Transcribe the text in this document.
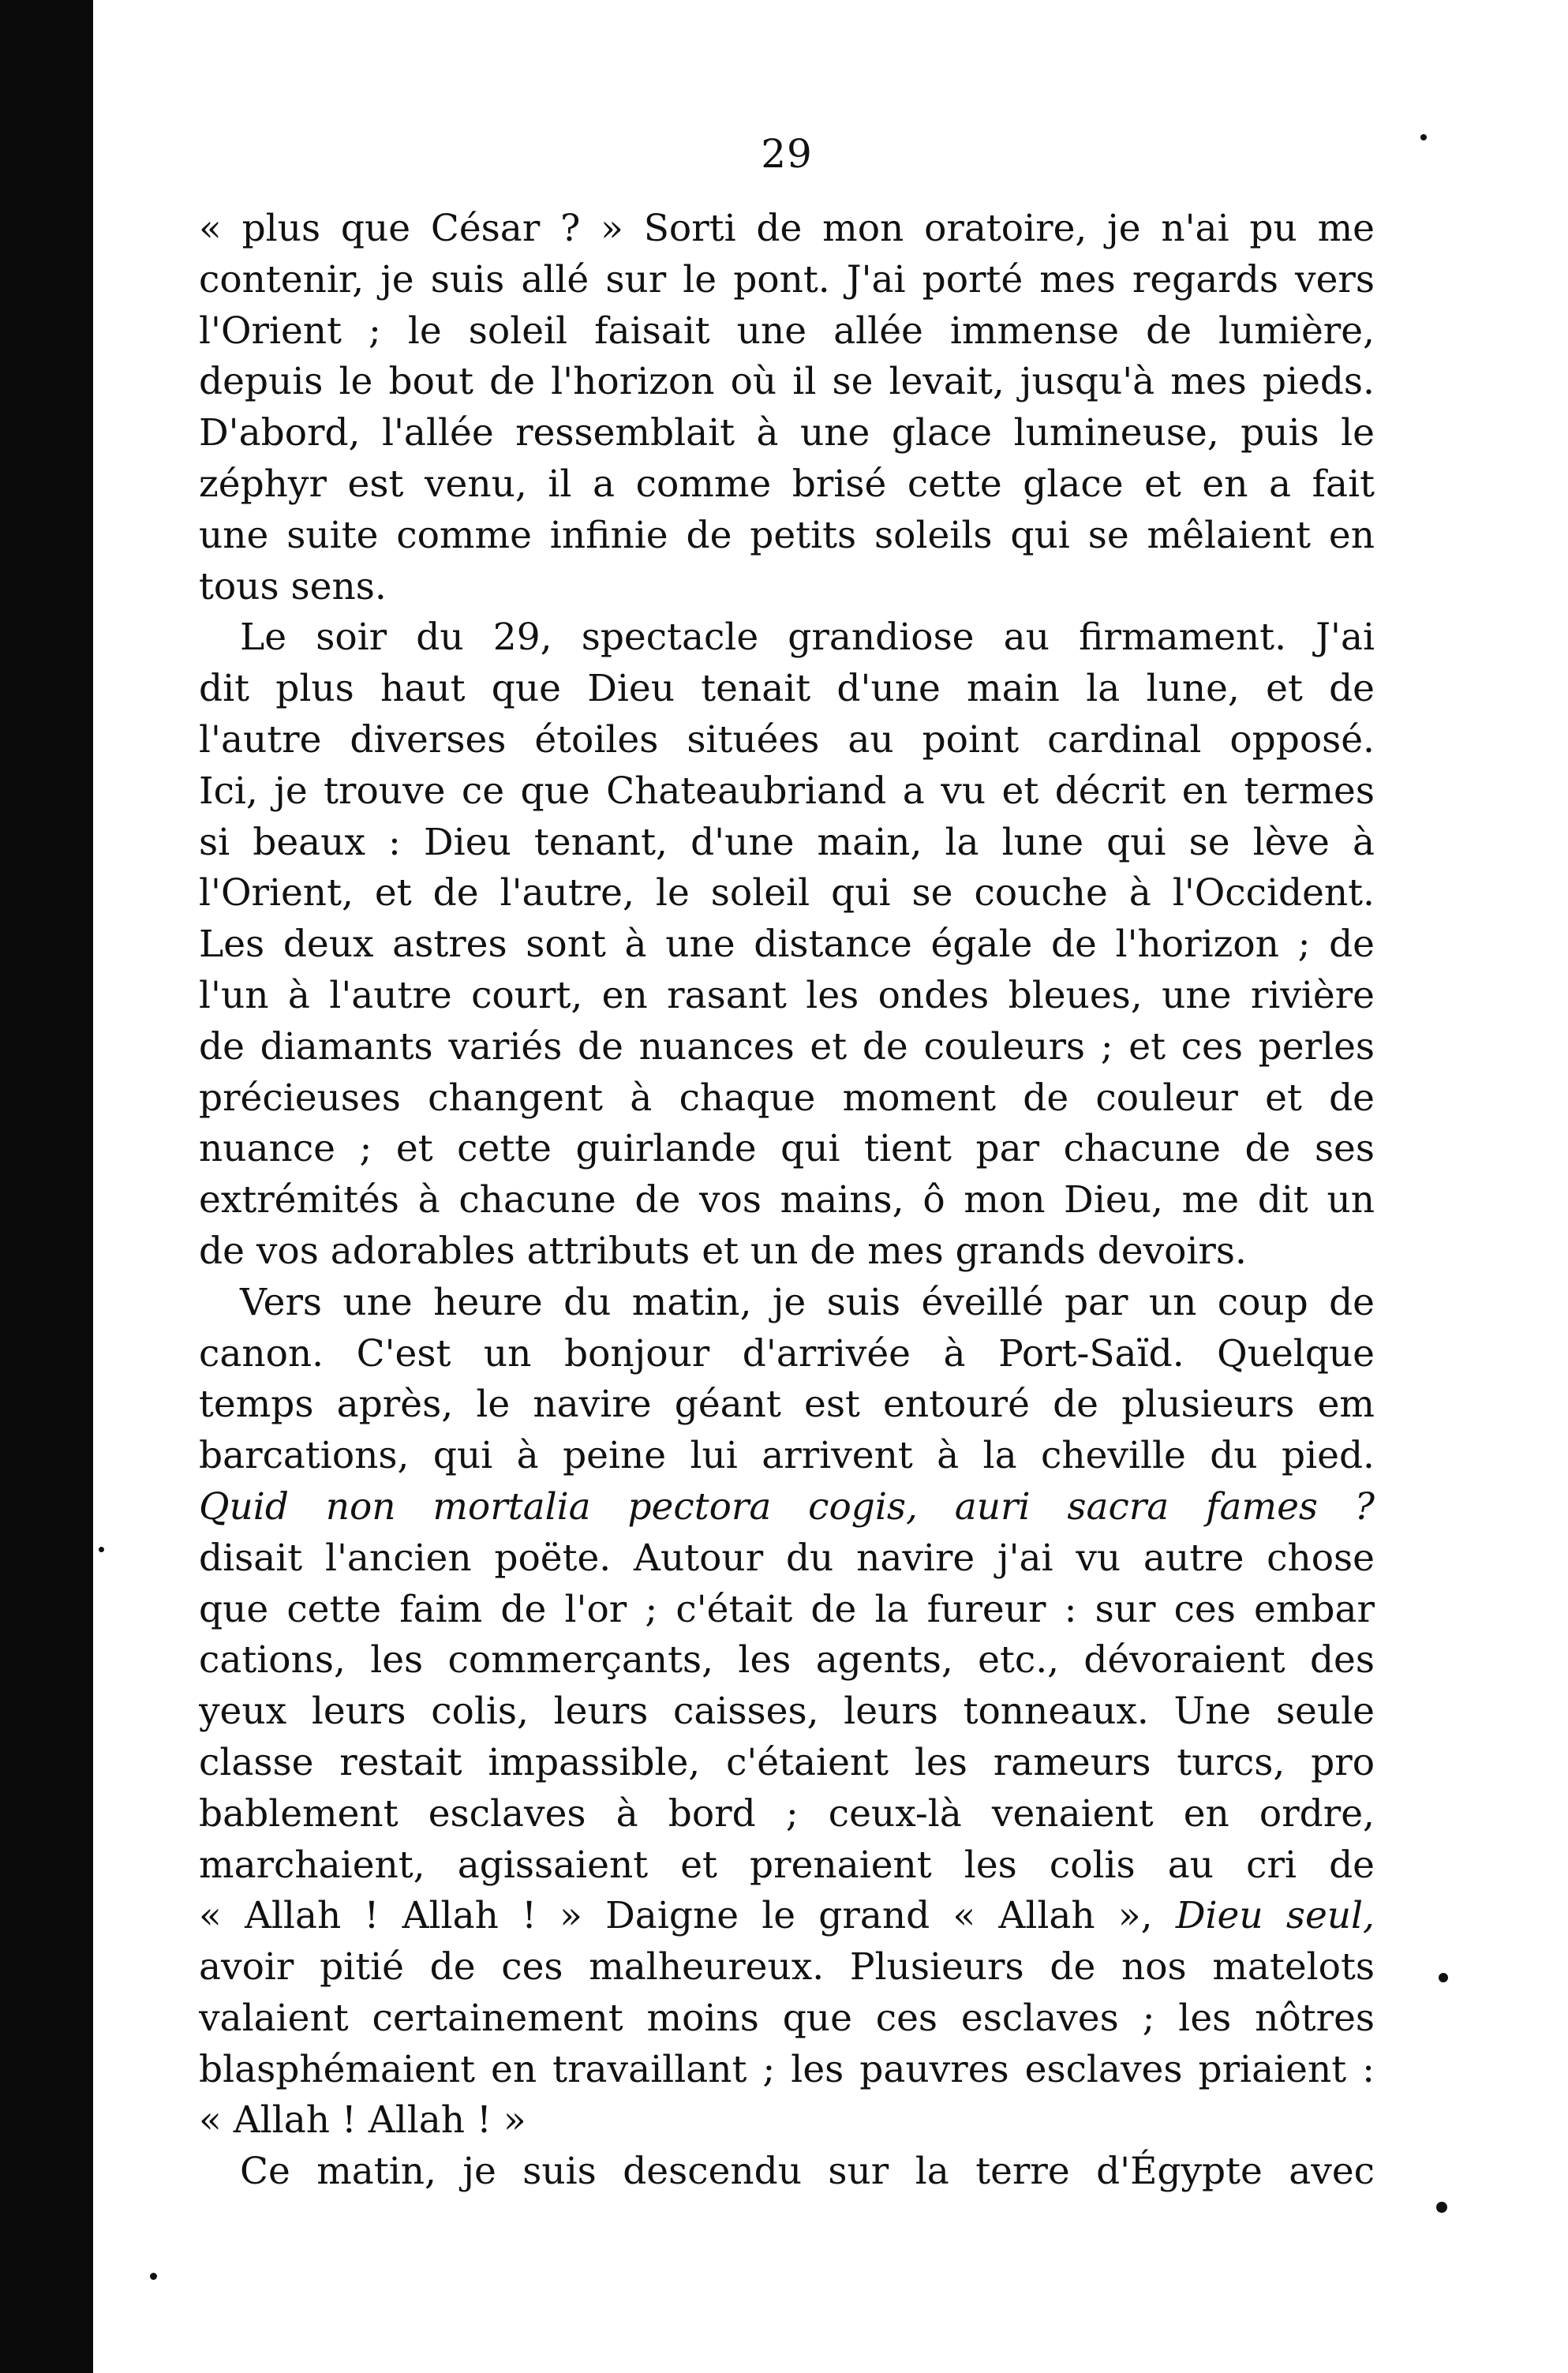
29
« plus que César ? » Sorti de mon oratoire, je n'ai pu me
contenir, je suis allé sur le pont. J'ai porté mes regards vers
l'Orient ; le soleil faisait une allée immense de lumière,
depuis le bout de l'horizon où il se levait, jusqu'à mes pieds.
D'abord, l'allée ressemblait à une glace lumineuse, puis le
zéphyr est venu, il a comme brisé cette glace et en a fait
une suite comme infinie de petits soleils qui se mêlaient en
tous sens.
Le soir du 29, spectacle grandiose au firmament. J'ai
dit plus haut que Dieu tenait d'une main la lune, et de
l'autre diverses étoiles situées au point cardinal opposé.
Ici, je trouve ce que Chateaubriand a vu et décrit en termes
si beaux : Dieu tenant, d'une main, la lune qui se lève à
l'Orient, et de l'autre, le soleil qui se couche à l'Occident.
Les deux astres sont à une distance égale de l'horizon ; de
l'un à l'autre court, en rasant les ondes bleues, une rivière
de diamants variés de nuances et de couleurs ; et ces perles
précieuses changent à chaque moment de couleur et de
nuance ; et cette guirlande qui tient par chacune de ses
extrémités à chacune de vos mains, ô mon Dieu, me dit un
de vos adorables attributs et un de mes grands devoirs.
Vers une heure du matin, je suis éveillé par un coup de
canon. C'est un bonjour d'arrivée à Port-Saïd. Quelque
temps après, le navire géant est entouré de plusieurs em
barcations, qui à peine lui arrivent à la cheville du pied.
Quid non mortalia pectora cogis, auri sacra fames ?
disait l'ancien poëte. Autour du navire j'ai vu autre chose
que cette faim de l'or ; c'était de la fureur : sur ces embar
cations, les commerçants, les agents, etc., dévoraient des
yeux leurs colis, leurs caisses, leurs tonneaux. Une seule
classe restait impassible, c'étaient les rameurs turcs, pro
bablement esclaves à bord ; ceux-là venaient en ordre,
marchaient, agissaient et prenaient les colis au cri de
« Allah ! Allah ! » Daigne le grand « Allah », Dieu seul,
avoir pitié de ces malheureux. Plusieurs de nos matelots
valaient certainement moins que ces esclaves ; les nôtres
blasphémaient en travaillant ; les pauvres esclaves priaient :
« Allah ! Allah ! »
Ce matin, je suis descendu sur la terre d'Égypte avec
